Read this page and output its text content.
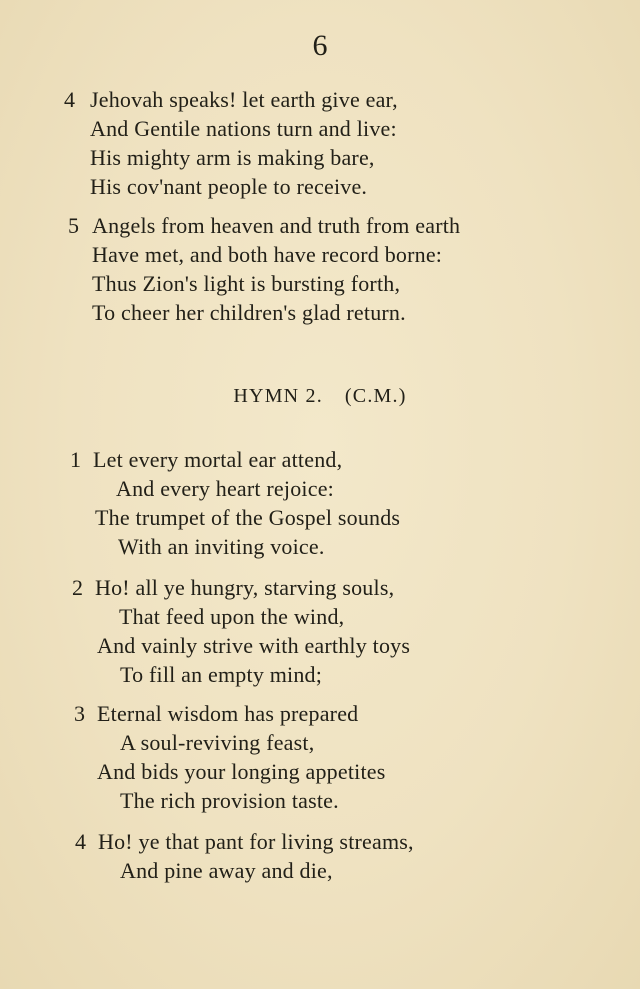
6
4 Jehovah speaks! let earth give ear,
And Gentile nations turn and live:
His mighty arm is making bare,
His cov'nant people to receive.
5 Angels from heaven and truth from earth
Have met, and both have record borne:
Thus Zion's light is bursting forth,
To cheer her children's glad return.
HYMN 2. (C.M.)
1 Let every mortal ear attend,
And every heart rejoice:
The trumpet of the Gospel sounds
With an inviting voice.
2 Ho! all ye hungry, starving souls,
That feed upon the wind,
And vainly strive with earthly toys
To fill an empty mind;
3 Eternal wisdom has prepared
A soul-reviving feast,
And bids your longing appetites
The rich provision taste.
4 Ho! ye that pant for living streams,
And pine away and die,
